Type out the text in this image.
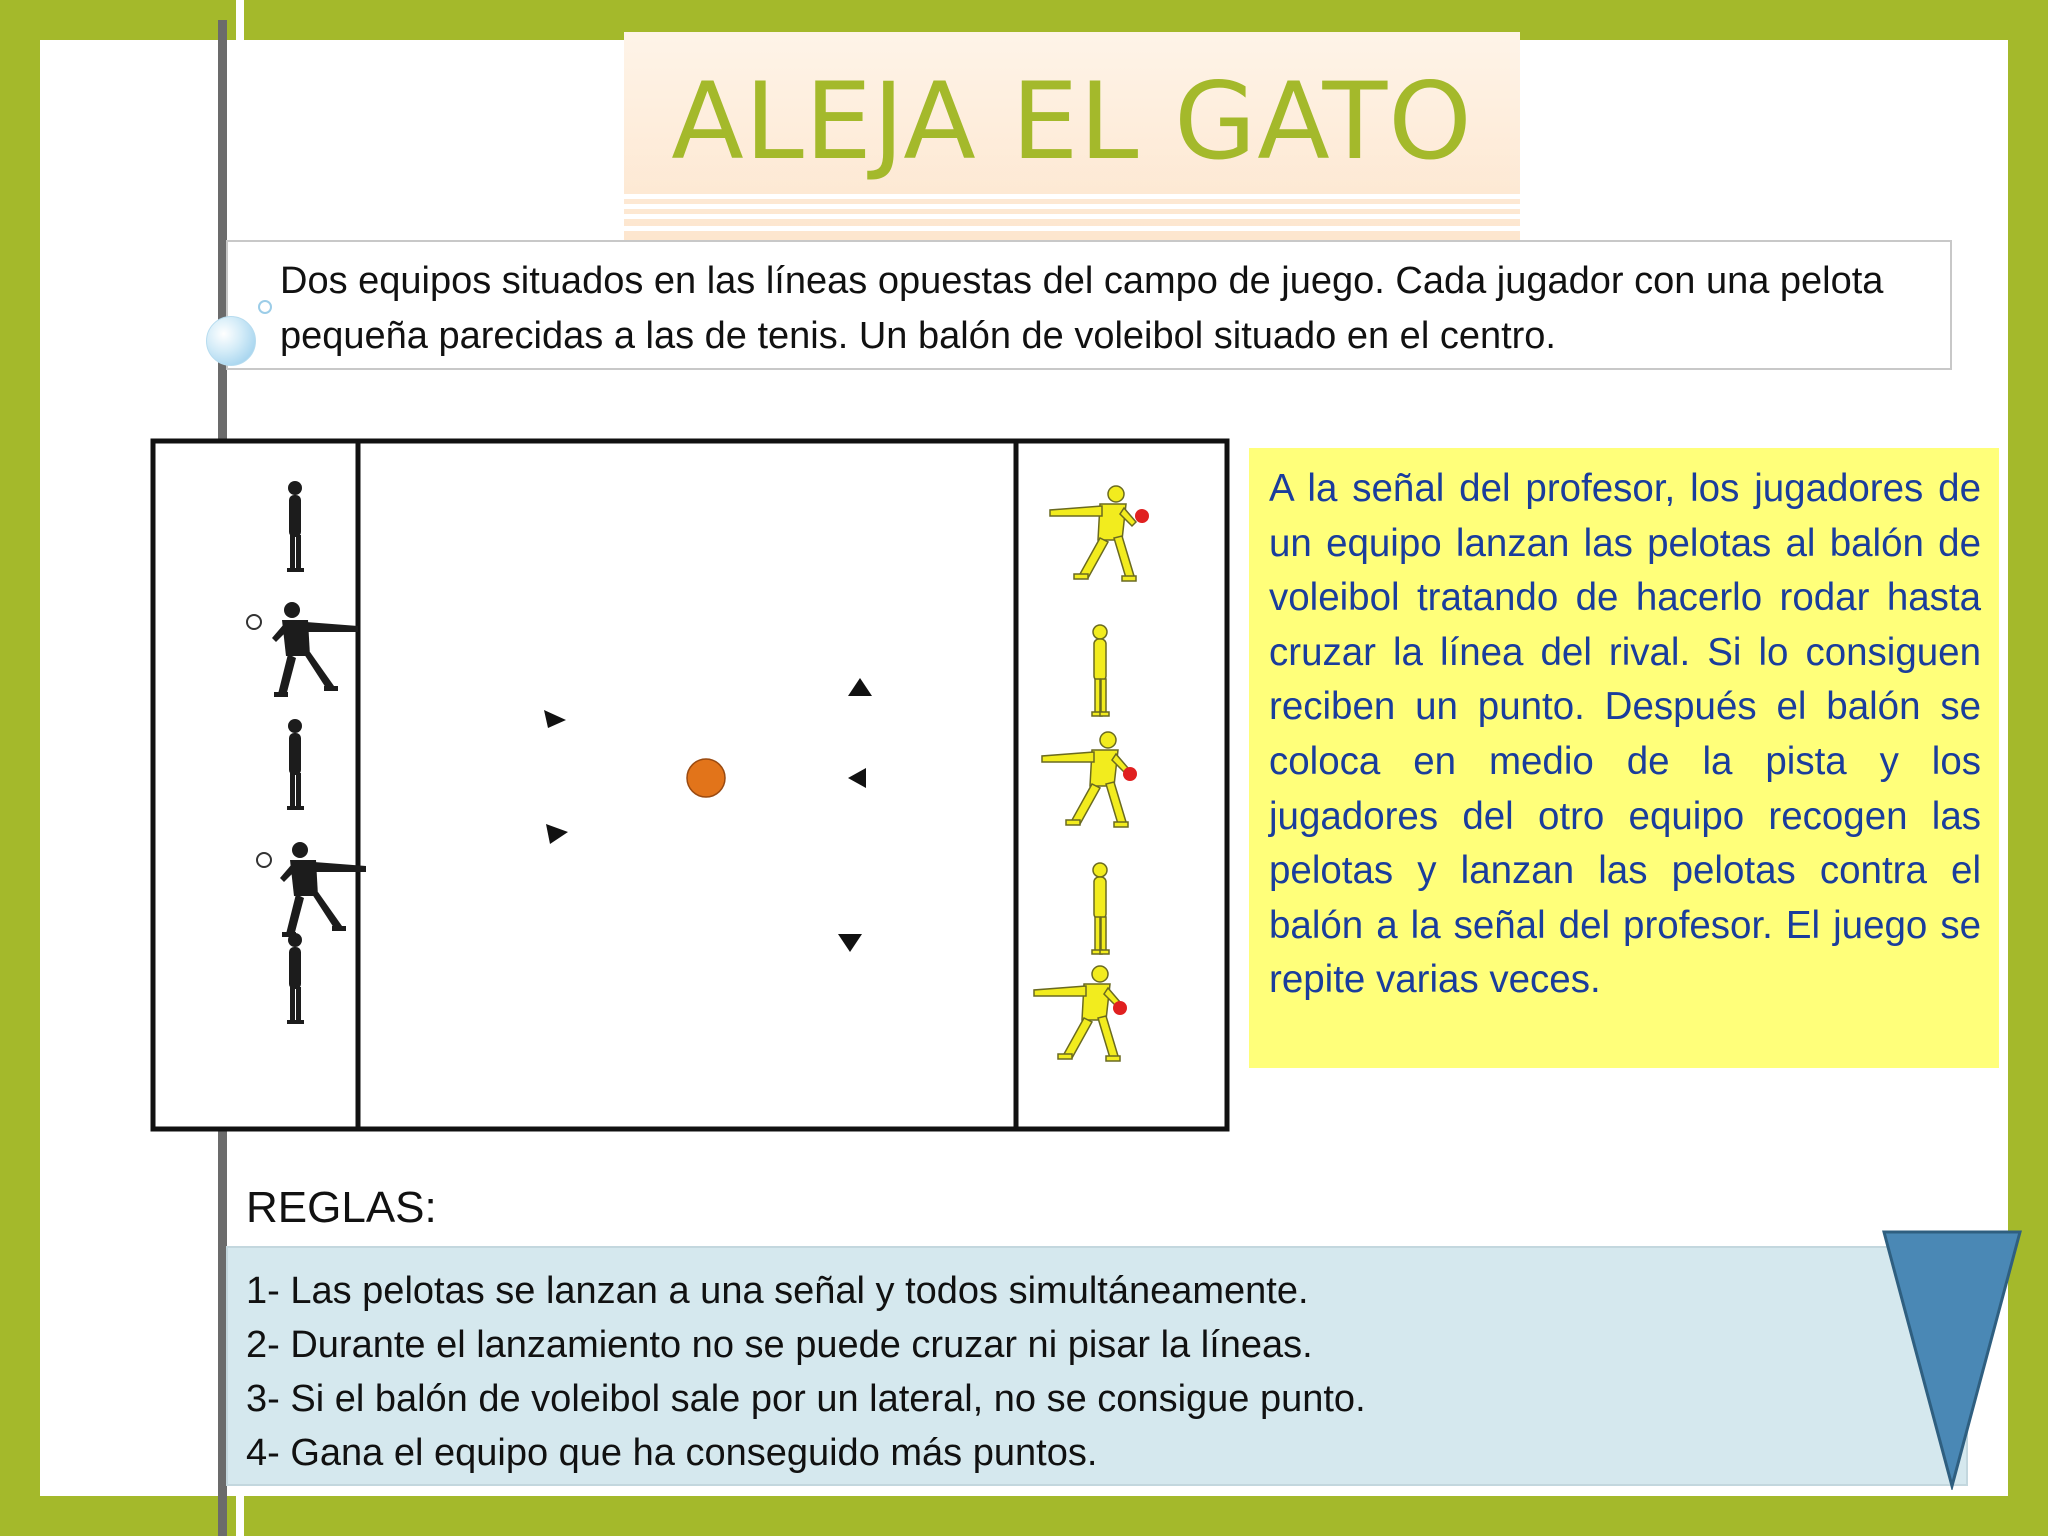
ALEJA EL GATO

Dos equipos situados en las líneas opuestas del campo de juego. Cada jugador con una pelota pequeña parecidas a las de tenis. Un balón de voleibol situado en el centro.

A la señal del profesor, los jugadores de un equipo lanzan las pelotas al balón de voleibol tratando de hacerlo rodar hasta cruzar la línea del rival. Si lo consiguen reciben un punto. Después el balón se coloca en medio de la pista y los jugadores del otro equipo recogen las pelotas y lanzan las pelotas contra el balón a la señal del profesor. El juego se repite varias veces.

REGLAS:
1- Las pelotas se lanzan a una señal y todos simultáneamente.
2- Durante el lanzamiento no se puede cruzar ni pisar la líneas.
3- Si el balón de voleibol sale por un lateral, no se consigue punto.
4- Gana el equipo que ha conseguido más puntos.
